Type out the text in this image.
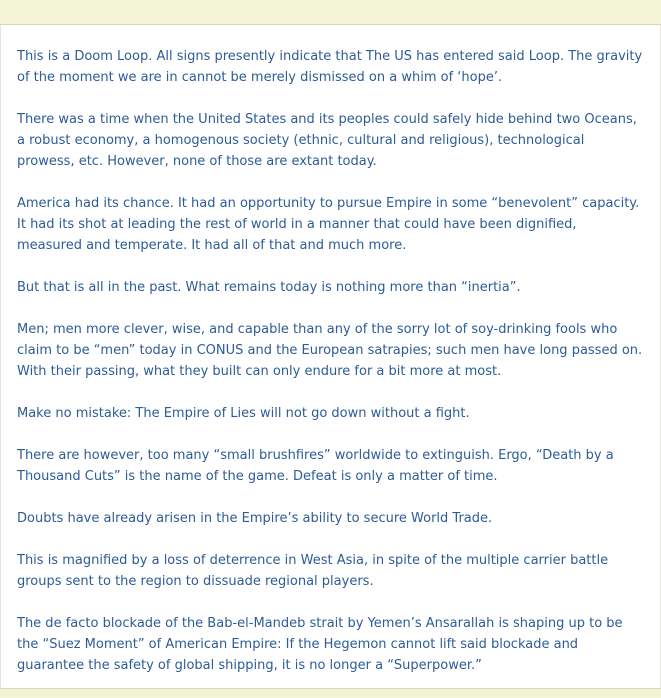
This is a Doom Loop. All signs presently indicate that The US has entered said Loop. The gravity of the moment we are in cannot be merely dismissed on a whim of ‘hope’.

There was a time when the United States and its peoples could safely hide behind two Oceans, a robust economy, a homogenous society (ethnic, cultural and religious), technological prowess, etc. However, none of those are extant today.

America had its chance. It had an opportunity to pursue Empire in some “benevolent” capacity. It had its shot at leading the rest of world in a manner that could have been dignified, measured and temperate. It had all of that and much more.

But that is all in the past. What remains today is nothing more than “inertia”.

Men; men more clever, wise, and capable than any of the sorry lot of soy-drinking fools who claim to be “men” today in CONUS and the European satrapies; such men have long passed on. With their passing, what they built can only endure for a bit more at most.

Make no mistake: The Empire of Lies will not go down without a fight.

There are however, too many “small brushfires” worldwide to extinguish. Ergo, “Death by a Thousand Cuts” is the name of the game. Defeat is only a matter of time.

Doubts have already arisen in the Empire’s ability to secure World Trade.

This is magnified by a loss of deterrence in West Asia, in spite of the multiple carrier battle groups sent to the region to dissuade regional players.

The de facto blockade of the Bab-el-Mandeb strait by Yemen’s Ansarallah is shaping up to be the “Suez Moment” of American Empire: If the Hegemon cannot lift said blockade and guarantee the safety of global shipping, it is no longer a “Superpower.”
